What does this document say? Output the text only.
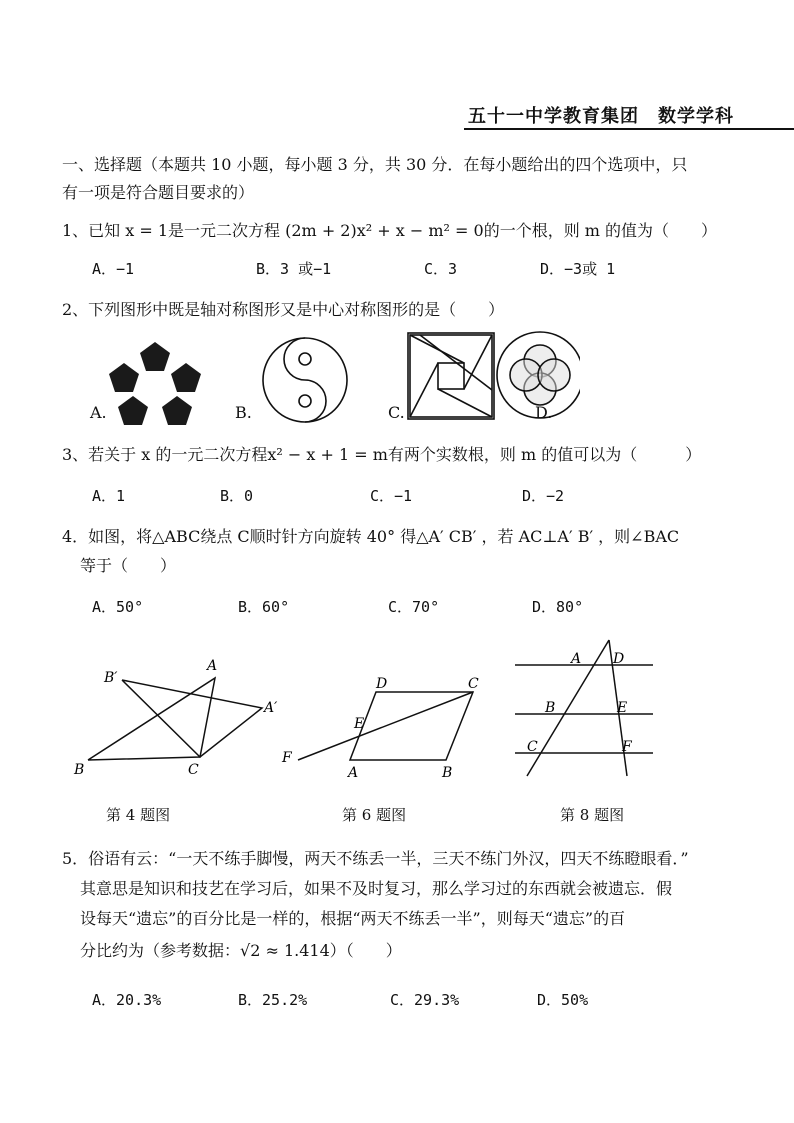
五十一中学教育集团　数学学科
一、选择题（本题共 10 小题，每小题 3 分，共 30 分．在每小题给出的四个选项中，只
有一项是符合题目要求的）
1、已知 x = 1是一元二次方程 (2m + 2)x² + x − m² = 0的一个根，则 m 的值为（　　）
A．−1	B．3 或−1	C．3	D．−3或 1
2、下列图形中既是轴对称图形又是中心对称图形的是（　　）
A.	B.	C.	D.
3、若关于 x 的一元二次方程x² − x + 1 = m有两个实数根，则 m 的值可以为（　　　）
A．1	B．0	C．−1	D．−2
4．如图，将△ABC绕点 C顺时针方向旋转 40° 得△A′ CB′ ，若 AC⊥A′ B′ ，则∠BAC
等于（　　）
A．50°	B．60°	C．70°	D．80°
B′
A
A′
B	C
D	C
E
F
A	B
A D
B	E
C	F
第 4 题图	第 6 题图	第 8 题图
5．俗语有云：“一天不练手脚慢，两天不练丢一半，三天不练门外汉，四天不练瞪眼看．”
其意思是知识和技艺在学习后，如果不及时复习，那么学习过的东西就会被遗忘．假
设每天“遗忘”的百分比是一样的，根据“两天不练丢一半”，则每天“遗忘”的百
分比约为（参考数据：√2 ≈ 1.414）（　　）
A．20.3%	B．25.2%	C．29.3%	D．50%
